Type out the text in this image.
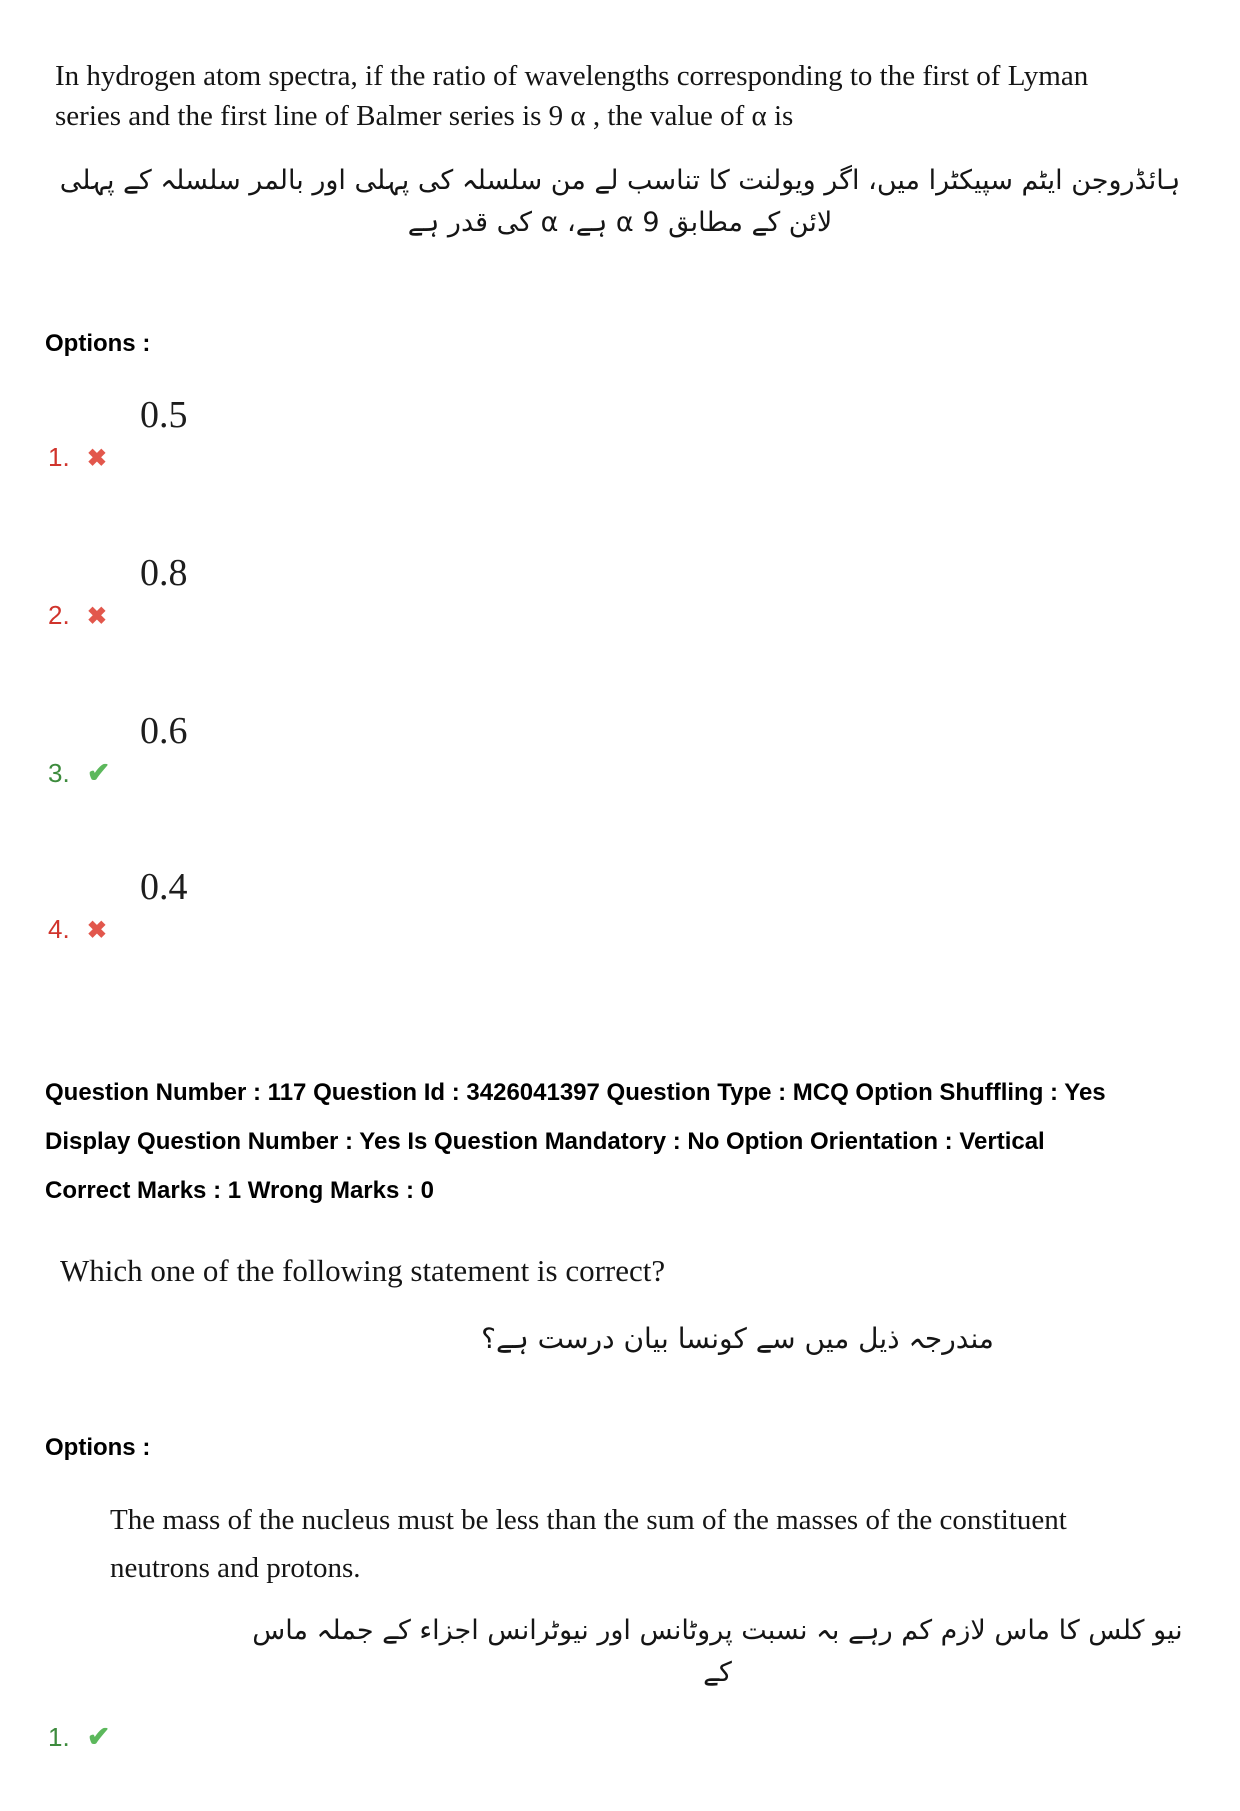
In hydrogen atom spectra, if the ratio of wavelengths corresponding to the first of Lyman
series and the first line of Balmer series is 9 α , the value of α is
ہائڈروجن ایٹم سپیکٹرا میں، اگر ویولنت کا تناسب لے من سلسلہ کی پہلی اور بالمر سلسلہ کے پہلی لائن کے مطابق 9 α ہے، α کی قدر ہے
Options :
0.5
1. ✖
0.8
2. ✖
0.6
3. ✔
0.4
4. ✖

Question Number : 117 Question Id : 3426041397 Question Type : MCQ Option Shuffling : Yes

Display Question Number : Yes Is Question Mandatory : No Option Orientation : Vertical

Correct Marks : 1 Wrong Marks : 0

Which one of the following statement is correct?
مندرجہ ذیل میں سے کونسا بیان درست ہے؟
Options :
The mass of the nucleus must be less than the sum of the masses of the constituent
neutrons and protons.
نیو کلس کا ماس لازم کم رہے بہ نسبت پروٹانس اور نیوٹرانس اجزاء کے جملہ ماس کے
1. ✔
